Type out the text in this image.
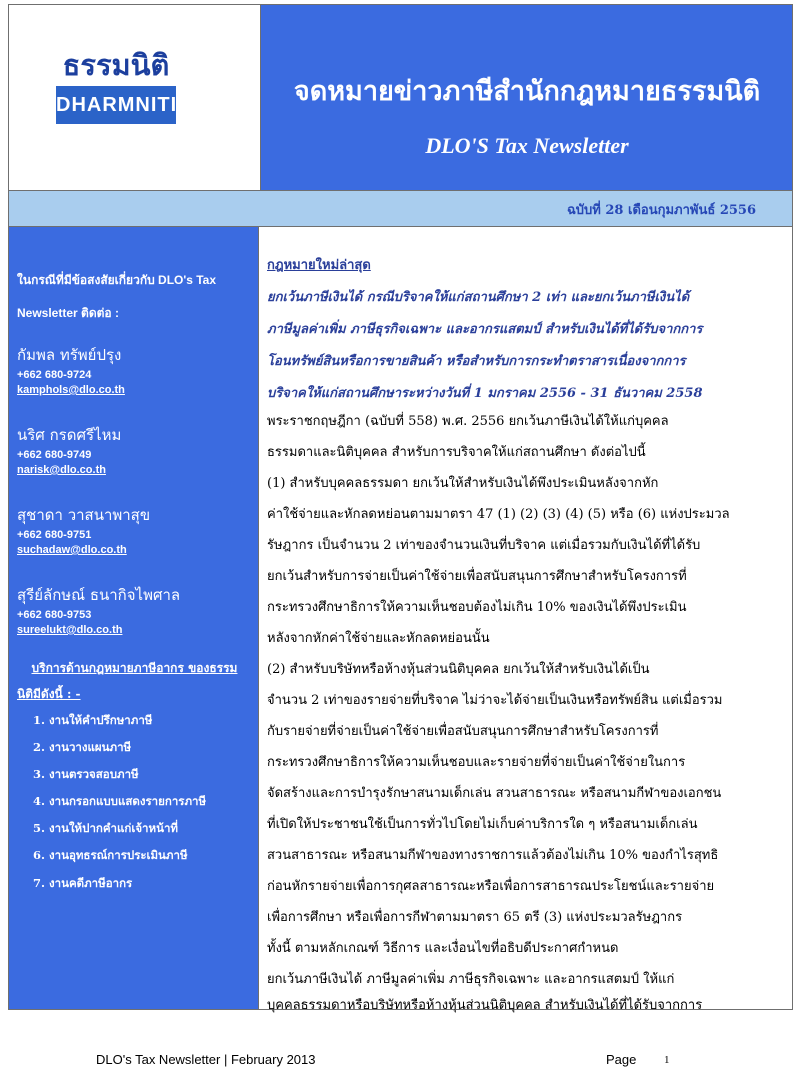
ธรรมนิติ
DHARMNITI	จดหมายข่าวภาษีสำนักกฎหมายธรรมนิติ
DLO'S Tax Newsletter
ฉบับที่ 28 เดือนกุมภาพันธ์ 2556
ในกรณีที่มีข้อสงสัยเกี่ยวกับ DLO's Tax
Newsletter ติดต่อ :
กัมพล ทรัพย์ปรุง
+662 680-9724
kamphols@dlo.co.th
นริศ กรดศรีไหม
+662 680-9749
narisk@dlo.co.th
สุชาดา วาสนาพาสุข
+662 680-9751
suchadaw@dlo.co.th
สุรีย์ลักษณ์ ธนากิจไพศาล
+662 680-9753
sureelukt@dlo.co.th
บริการด้านกฎหมายภาษีอากร ของธรรม
นิติมีดังนี้ : -
1. งานให้คำปรึกษาภาษี
2. งานวางแผนภาษี
3. งานตรวจสอบภาษี
4. งานกรอกแบบแสดงรายการภาษี
5. งานให้ปากคำแก่เจ้าหน้าที่
6. งานอุทธรณ์การประเมินภาษี
7. งานคดีภาษีอากร
กฎหมายใหม่ล่าสุด
ยกเว้นภาษีเงินได้ กรณีบริจาคให้แก่สถานศึกษา 2 เท่า และยกเว้นภาษีเงินได้
ภาษีมูลค่าเพิ่ม ภาษีธุรกิจเฉพาะ และอากรแสตมป์ สำหรับเงินได้ที่ได้รับจากการ
โอนทรัพย์สินหรือการขายสินค้า หรือสำหรับการกระทำตราสารเนื่องจากการ
บริจาคให้แก่สถานศึกษาระหว่างวันที่ 1 มกราคม 2556 - 31 ธันวาคม 2558
พระราชกฤษฎีกา (ฉบับที่ 558) พ.ศ. 2556 ยกเว้นภาษีเงินได้ให้แก่บุคคล
ธรรมดาและนิติบุคคล สำหรับการบริจาคให้แก่สถานศึกษา ดังต่อไปนี้
(1) สำหรับบุคคลธรรมดา ยกเว้นให้สำหรับเงินได้พึงประเมินหลังจากหัก
ค่าใช้จ่ายและหักลดหย่อนตามมาตรา 47 (1) (2) (3) (4) (5) หรือ (6) แห่งประมวล
รัษฎากร เป็นจำนวน 2 เท่าของจำนวนเงินที่บริจาค แต่เมื่อรวมกับเงินได้ที่ได้รับ
ยกเว้นสำหรับการจ่ายเป็นค่าใช้จ่ายเพื่อสนับสนุนการศึกษาสำหรับโครงการที่
กระทรวงศึกษาธิการให้ความเห็นชอบต้องไม่เกิน 10% ของเงินได้พึงประเมิน
หลังจากหักค่าใช้จ่ายและหักลดหย่อนนั้น
(2) สำหรับบริษัทหรือห้างหุ้นส่วนนิติบุคคล ยกเว้นให้สำหรับเงินได้เป็น
จำนวน 2 เท่าของรายจ่ายที่บริจาค ไม่ว่าจะได้จ่ายเป็นเงินหรือทรัพย์สิน แต่เมื่อรวม
กับรายจ่ายที่จ่ายเป็นค่าใช้จ่ายเพื่อสนับสนุนการศึกษาสำหรับโครงการที่
กระทรวงศึกษาธิการให้ความเห็นชอบและรายจ่ายที่จ่ายเป็นค่าใช้จ่ายในการ
จัดสร้างและการบำรุงรักษาสนามเด็กเล่น สวนสาธารณะ หรือสนามกีฬาของเอกชน
ที่เปิดให้ประชาชนใช้เป็นการทั่วไปโดยไม่เก็บค่าบริการใด ๆ หรือสนามเด็กเล่น
สวนสาธารณะ หรือสนามกีฬาของทางราชการแล้วต้องไม่เกิน 10% ของกำไรสุทธิ
ก่อนหักรายจ่ายเพื่อการกุศลสาธารณะหรือเพื่อการสาธารณประโยชน์และรายจ่าย
เพื่อการศึกษา หรือเพื่อการกีฬาตามมาตรา 65 ตรี (3) แห่งประมวลรัษฎากร
ทั้งนี้ ตามหลักเกณฑ์ วิธีการ และเงื่อนไขที่อธิบดีประกาศกำหนด
ยกเว้นภาษีเงินได้ ภาษีมูลค่าเพิ่ม ภาษีธุรกิจเฉพาะ และอากรแสตมป์ ให้แก่
บุคคลธรรมดาหรือบริษัทหรือห้างหุ้นส่วนนิติบุคคล สำหรับเงินได้ที่ได้รับจากการ
DLO's Tax Newsletter | February 2013	Page	1
